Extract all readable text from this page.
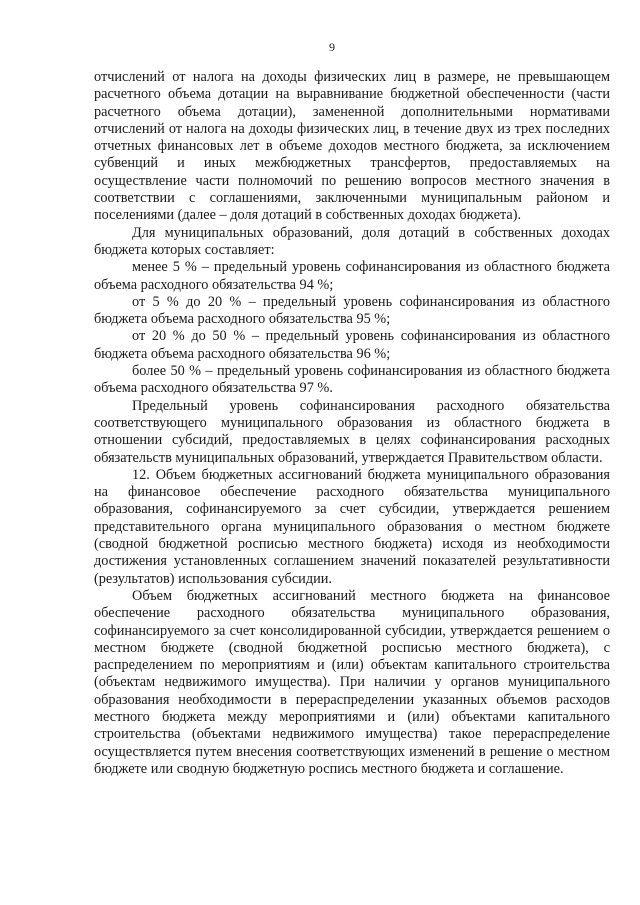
9

отчислений от налога на доходы физических лиц в размере, не превышающем расчетного объема дотации на выравнивание бюджетной обеспеченности (части расчетного объема дотации), замененной дополнительными нормативами отчислений от налога на доходы физических лиц, в течение двух из трех последних отчетных финансовых лет в объеме доходов местного бюджета, за исключением субвенций и иных межбюджетных трансфертов, предоставляемых на осуществление части полномочий по решению вопросов местного значения в соответствии с соглашениями, заключенными муниципальным районом и поселениями (далее – доля дотаций в собственных доходах бюджета).

Для муниципальных образований, доля дотаций в собственных доходах бюджета которых составляет:

менее 5 % – предельный уровень софинансирования из областного бюджета объема расходного обязательства 94 %;

от 5 % до 20 % – предельный уровень софинансирования из областного бюджета объема расходного обязательства 95 %;

от 20 % до 50 % – предельный уровень софинансирования из областного бюджета объема расходного обязательства 96 %;

более 50 % – предельный уровень софинансирования из областного бюджета объема расходного обязательства 97 %.

Предельный уровень софинансирования расходного обязательства соответствующего муниципального образования из областного бюджета в отношении субсидий, предоставляемых в целях софинансирования расходных обязательств муниципальных образований, утверждается Правительством области.

12. Объем бюджетных ассигнований бюджета муниципального образования на финансовое обеспечение расходного обязательства муниципального образования, софинансируемого за счет субсидии, утверждается решением представительного органа муниципального образования о местном бюджете (сводной бюджетной росписью местного бюджета) исходя из необходимости достижения установленных соглашением значений показателей результативности (результатов) использования субсидии.

Объем бюджетных ассигнований местного бюджета на финансовое обеспечение расходного обязательства муниципального образования, софинансируемого за счет консолидированной субсидии, утверждается решением о местном бюджете (сводной бюджетной росписью местного бюджета), с распределением по мероприятиям и (или) объектам капитального строительства (объектам недвижимого имущества). При наличии у органов муниципального образования необходимости в перераспределении указанных объемов расходов местного бюджета между мероприятиями и (или) объектами капитального строительства (объектами недвижимого имущества) такое перераспределение осуществляется путем внесения соответствующих изменений в решение о местном бюджете или сводную бюджетную роспись местного бюджета и соглашение.
